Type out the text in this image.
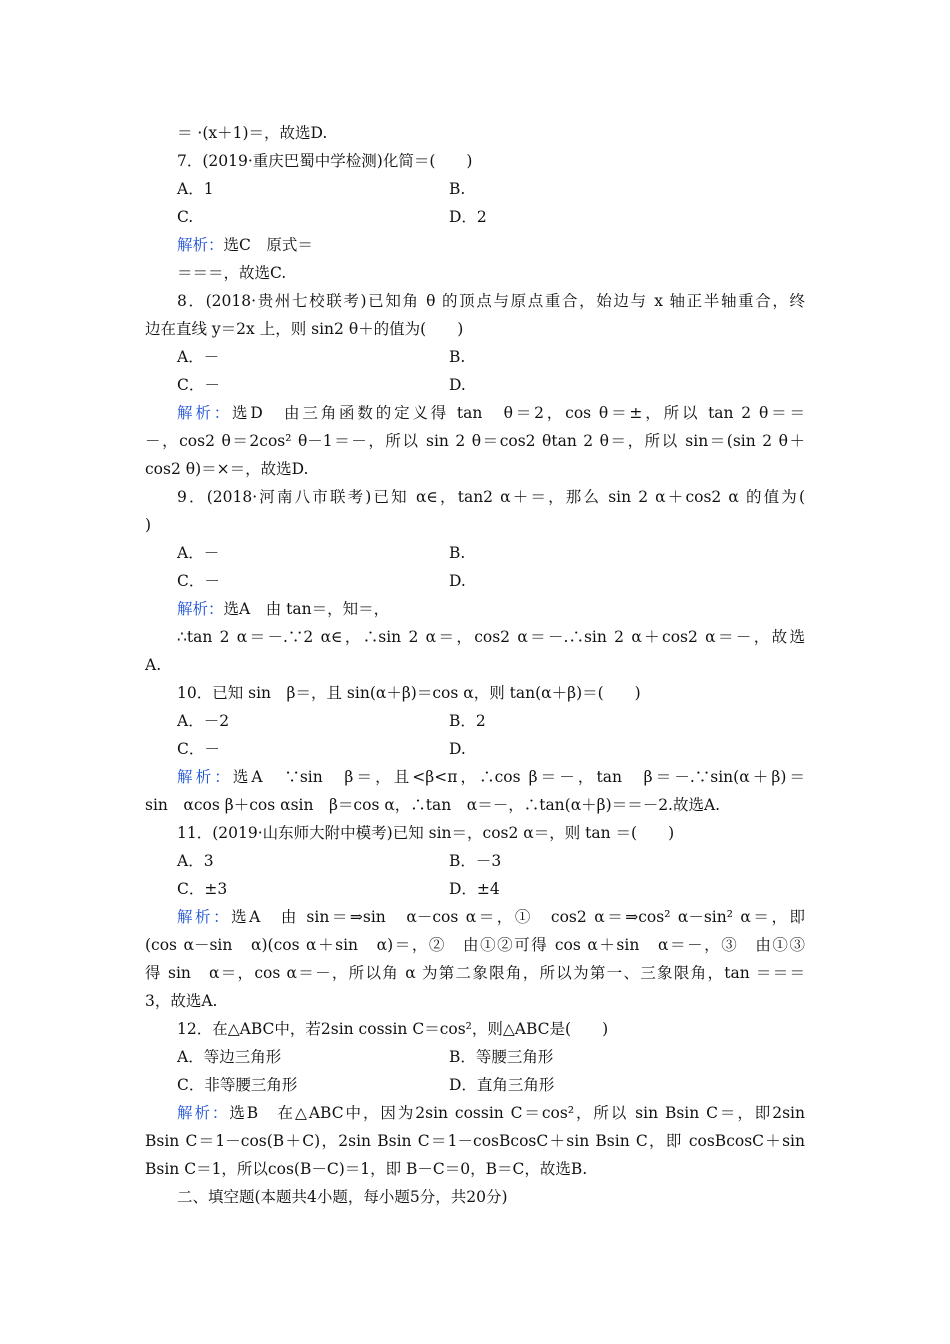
＝ ·(x＋1)＝，故选D.
7．(2019·重庆巴蜀中学检测)化简＝(　　)
A．1	B.
C.	D．2
解析：选C　原式＝
＝＝＝，故选C.
8．(2018·贵州七校联考)已知角 θ 的顶点与原点重合，始边与 x 轴正半轴重合，终
边在直线 y＝2x 上，则 sin2 θ＋的值为(　　)
A．－	B.
C．－	D.
解析：选D　由三角函数的定义得 tan　θ＝2，cos θ＝±，所以 tan 2 θ＝＝
－，cos2 θ＝2cos² θ－1＝－，所以 sin 2 θ＝cos2 θtan 2 θ＝，所以 sin＝(sin 2 θ＋
cos2 θ)＝×＝，故选D.
9．(2018·河南八市联考)已知 α∈，tan2 α＋＝，那么 sin 2 α＋cos2 α 的值为(
)
A．－	B.
C．－	D.
解析：选A　由 tan＝，知＝，
∴tan 2 α＝－.∵2 α∈，∴sin 2 α＝，cos2 α＝－.∴sin 2 α＋cos2 α＝－，故选
A.
10．已知 sin　β＝，且 sin(α＋β)＝cos α，则 tan(α＋β)＝(　　)
A．－2	B．2
C．－	D.
解析：选A　∵sin　β＝，且<β<π，∴cos β＝－，tan　β＝－.∵sin(α＋β)＝
sin　αcos β＋cos αsin　β＝cos α，∴tan　α＝－，∴tan(α＋β)＝＝－2.故选A.
11．(2019·山东师大附中模考)已知 sin＝，cos2 α＝，则 tan ＝(　　)
A．3	B．－3
C．±3	D．±4
解析：选A　由 sin＝⇒sin　α－cos α＝，①　cos2 α＝⇒cos² α－sin² α＝，即
(cos α－sin　α)(cos α＋sin　α)＝，②　由①②可得 cos α＋sin　α＝－，③　由①③
得 sin　α＝，cos α＝－，所以角 α 为第二象限角，所以为第一、三象限角，tan ＝＝＝
3，故选A.
12．在△ABC中，若2sin cossin C＝cos²，则△ABC是(　　)
A．等边三角形	B．等腰三角形
C．非等腰三角形	D．直角三角形
解析：选B　在△ABC中，因为2sin cossin C＝cos²，所以 sin Bsin C＝，即2sin
Bsin C＝1－cos(B＋C)，2sin Bsin C＝1－cosBcosC＋sin Bsin C，即 cosBcosC＋sin
Bsin C＝1，所以cos(B－C)＝1，即 B－C＝0，B＝C，故选B.
二、填空题(本题共4小题，每小题5分，共20分)
